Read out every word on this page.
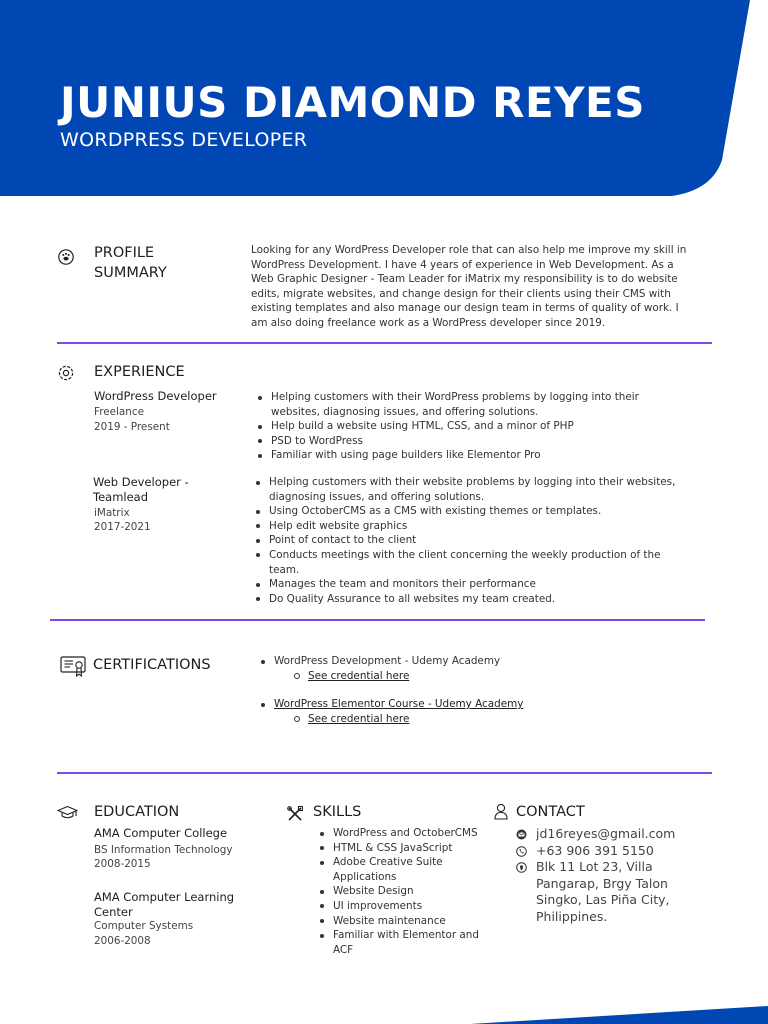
JUNIUS DIAMOND REYES
WORDPRESS DEVELOPER
PROFILE
SUMMARY
Looking for any WordPress Developer role that can also help me improve my skill in
WordPress Development. I have 4 years of experience in Web Development. As a
Web Graphic Designer - Team Leader for iMatrix my responsibility is to do website
edits, migrate websites, and change design for their clients using their CMS with
existing templates and also manage our design team in terms of quality of work. I
am also doing freelance work as a WordPress developer since 2019.
EXPERIENCE
WordPress Developer
Freelance
2019 - Present
Helping customers with their WordPress problems by logging into their
websites, diagnosing issues, and offering solutions.
Help build a website using HTML, CSS, and a minor of PHP
PSD to WordPress
Familiar with using page builders like Elementor Pro
Web Developer -
Teamlead
iMatrix
2017-2021
Helping customers with their website problems by logging into their websites,
diagnosing issues, and offering solutions.
Using OctoberCMS as a CMS with existing themes or templates.
Help edit website graphics
Point of contact to the client
Conducts meetings with the client concerning the weekly production of the
team.
Manages the team and monitors their performance
Do Quality Assurance to all websites my team created.
CERTIFICATIONS	WordPress Development - Udemy Academy
See credential here
WordPress Elementor Course - Udemy Academy
See credential here
EDUCATION
AMA Computer College
BS Information Technology
2008-2015
AMA Computer Learning
Center
Computer Systems
2006-2008
SKILLS
WordPress and OctoberCMS
HTML & CSS JavaScript
Adobe Creative Suite
Applications
Website Design
UI improvements
Website maintenance
Familiar with Elementor and
ACF
CONTACT
jd16reyes@gmail.com
+63 906 391 5150
Blk 11 Lot 23, Villa
Pangarap, Brgy Talon
Singko, Las Piña City,
Philippines.
